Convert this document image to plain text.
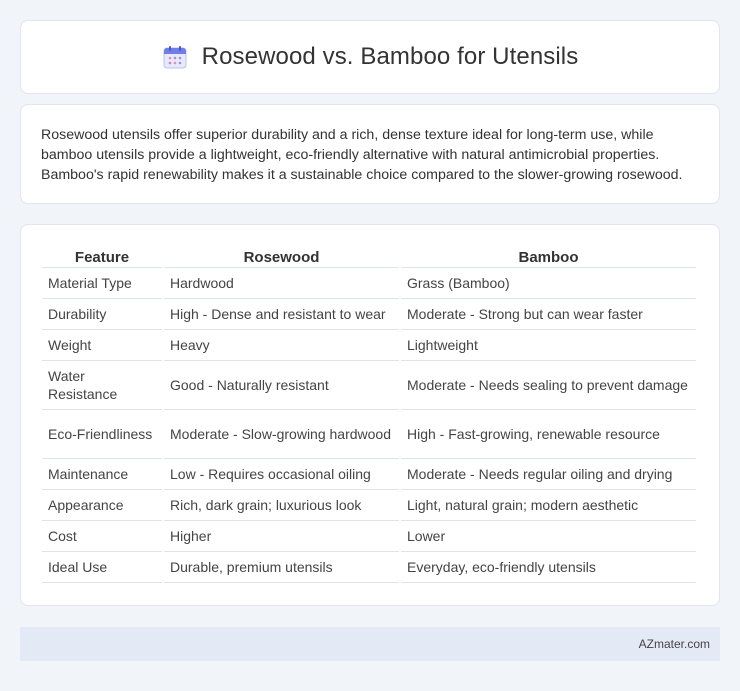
Rosewood vs. Bamboo for Utensils

Rosewood utensils offer superior durability and a rich, dense texture ideal for long-term use, while bamboo utensils provide a lightweight, eco-friendly alternative with natural antimicrobial properties. Bamboo's rapid renewability makes it a sustainable choice compared to the slower-growing rosewood.

Feature	Rosewood	Bamboo
Material Type	Hardwood	Grass (Bamboo)
Durability	High - Dense and resistant to wear	Moderate - Strong but can wear faster
Weight	Heavy	Lightweight
Water Resistance	Good - Naturally resistant	Moderate - Needs sealing to prevent damage
Eco-Friendliness	Moderate - Slow-growing hardwood	High - Fast-growing, renewable resource
Maintenance	Low - Requires occasional oiling	Moderate - Needs regular oiling and drying
Appearance	Rich, dark grain; luxurious look	Light, natural grain; modern aesthetic
Cost	Higher	Lower
Ideal Use	Durable, premium utensils	Everyday, eco-friendly utensils
AZmater.com
